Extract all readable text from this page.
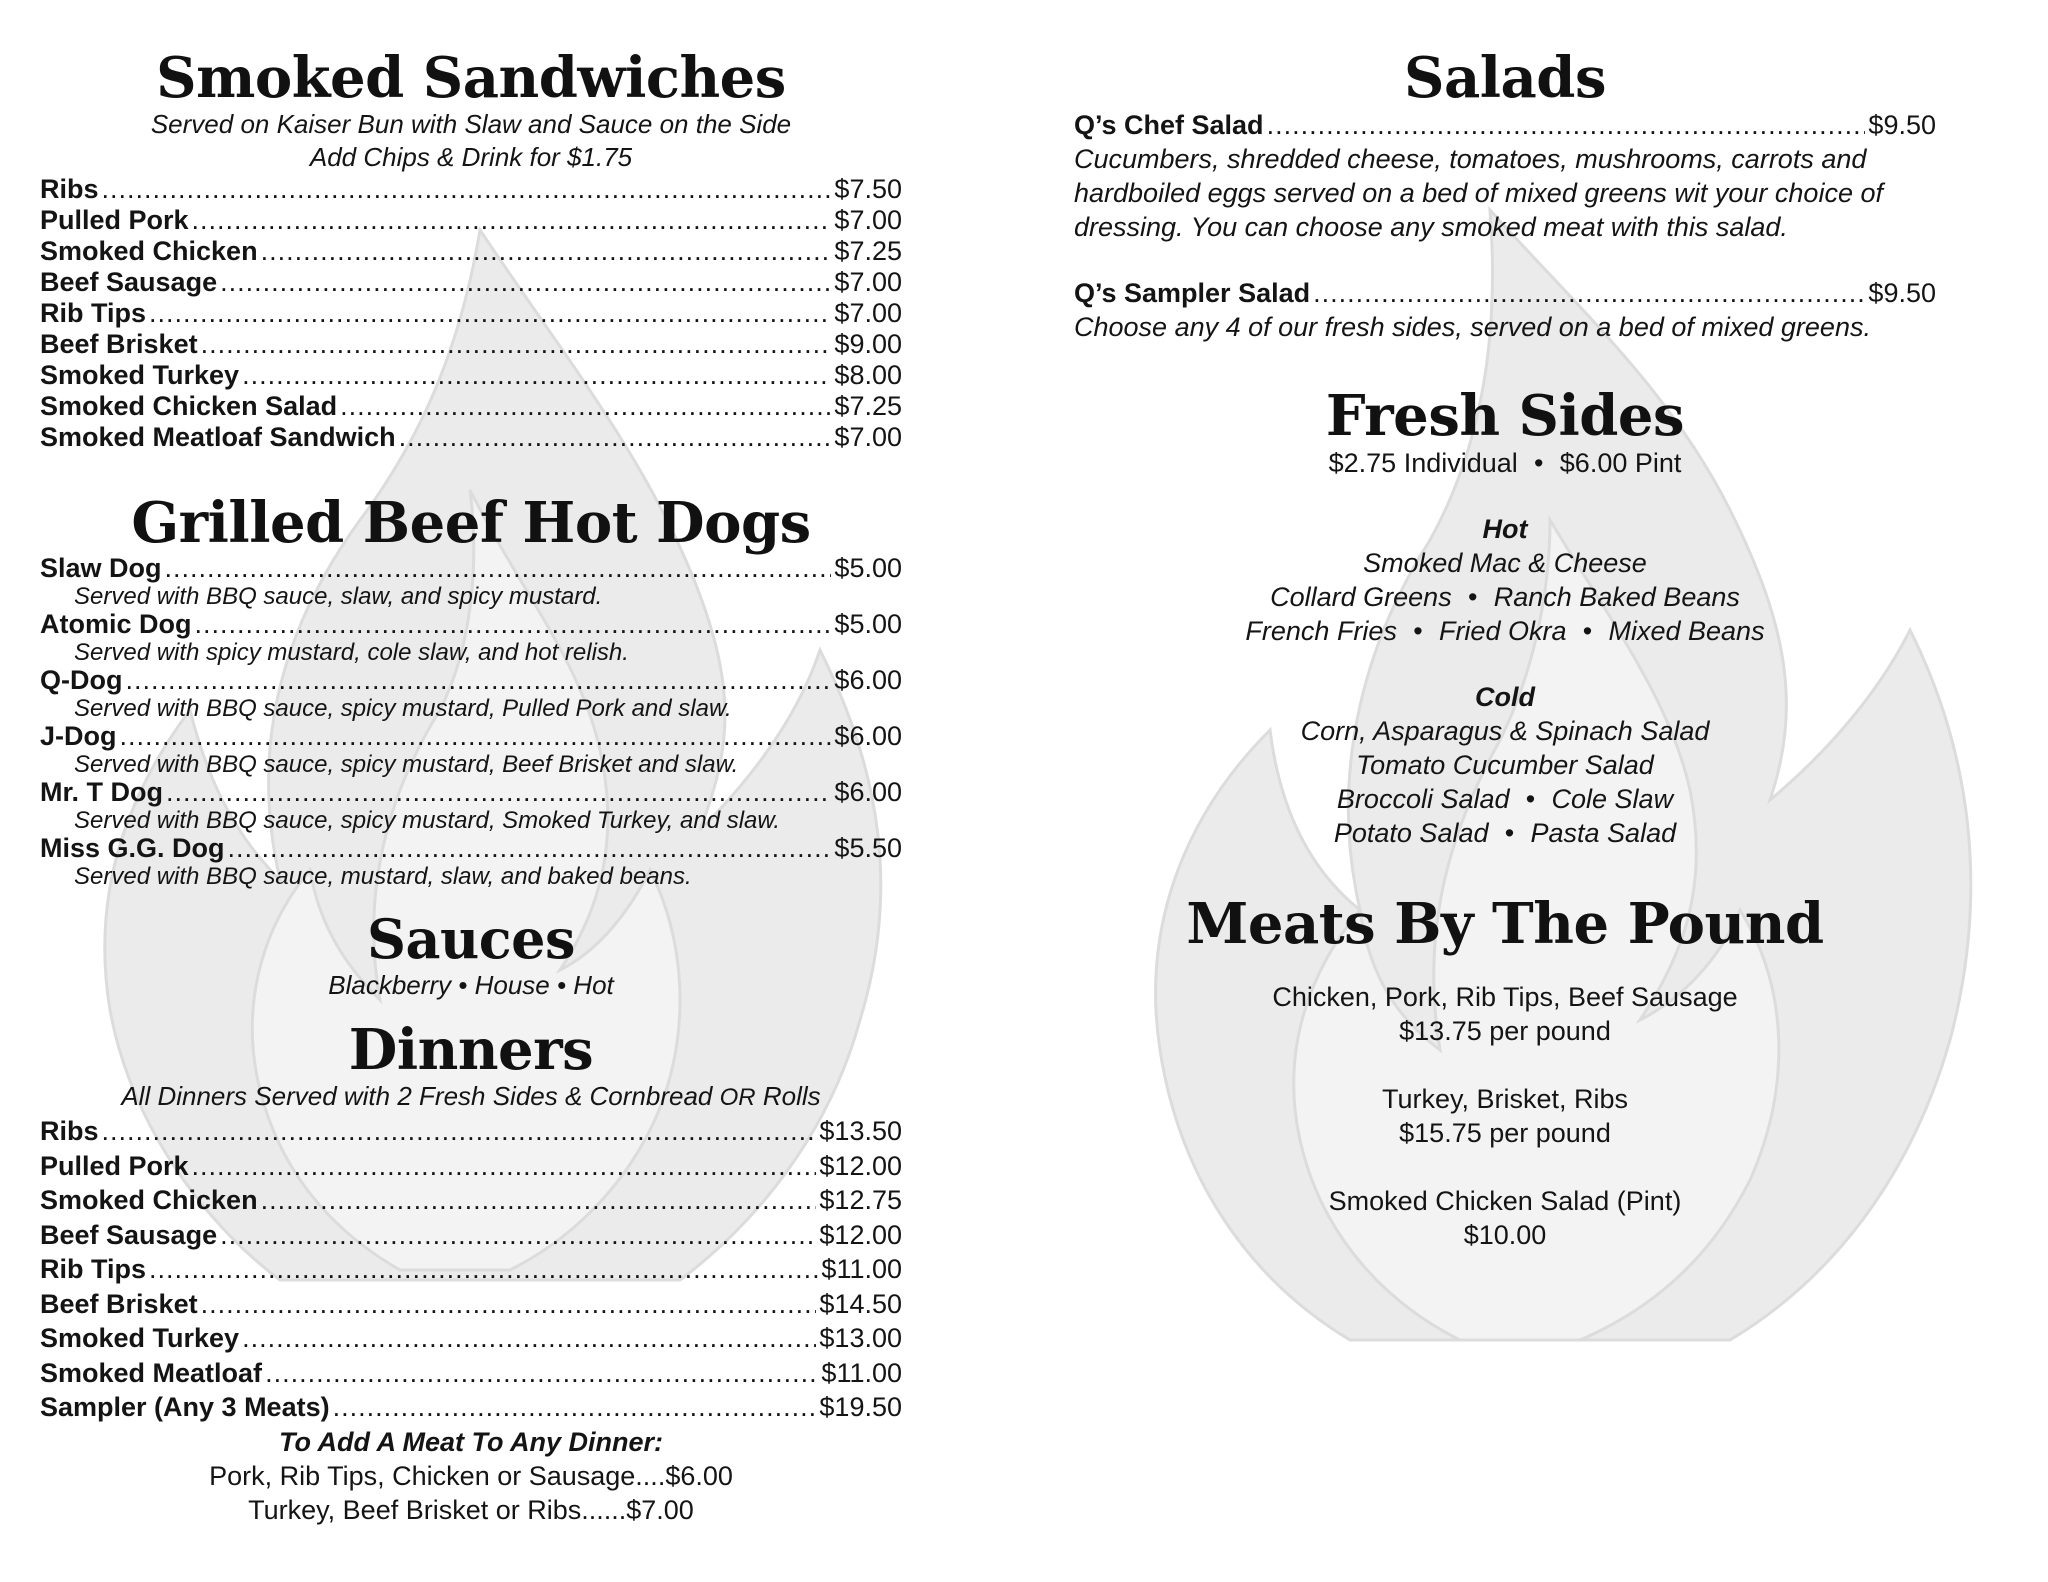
Smoked Sandwiches
Served on Kaiser Bun with Slaw and Sauce on the Side
Add Chips & Drink for $1.75
Ribs .....	$7.50
Pulled Pork .....	$7.00
Smoked Chicken .....	$7.25
Beef Sausage .....	$7.00
Rib Tips .....	$7.00
Beef Brisket .....	$9.00
Smoked Turkey .....	$8.00
Smoked Chicken Salad .....	$7.25
Smoked Meatloaf Sandwich .....	$7.00
Grilled Beef Hot Dogs
Slaw Dog .....	$5.00
Served with BBQ sauce, slaw, and spicy mustard.
Atomic Dog .....	$5.00
Served with spicy mustard, cole slaw, and hot relish.
Q-Dog .....	$6.00
Served with BBQ sauce, spicy mustard, Pulled Pork and slaw.
J-Dog .....	$6.00
Served with BBQ sauce, spicy mustard, Beef Brisket and slaw.
Mr. T Dog .....	$6.00
Served with BBQ sauce, spicy mustard, Smoked Turkey, and slaw.
Miss G.G. Dog .....	$5.50
Served with BBQ sauce, mustard, slaw, and baked beans.
Sauces
Blackberry • House • Hot
Dinners
All Dinners Served with 2 Fresh Sides & Cornbread OR Rolls
Ribs .....	$13.50
Pulled Pork .....	$12.00
Smoked Chicken .....	$12.75
Beef Sausage .....	$12.00
Rib Tips .....	$11.00
Beef Brisket .....	$14.50
Smoked Turkey .....	$13.00
Smoked Meatloaf .....	$11.00
Sampler (Any 3 Meats) .....	$19.50
To Add A Meat To Any Dinner:
Pork, Rib Tips, Chicken or Sausage....$6.00
Turkey, Beef Brisket or Ribs......$7.00
Salads
Q’s Chef Salad .....	$9.50
Cucumbers, shredded cheese, tomatoes, mushrooms, carrots and hardboiled eggs served on a bed of mixed greens wit your choice of dressing. You can choose any smoked meat with this salad.
Q’s Sampler Salad .....	$9.50
Choose any 4 of our fresh sides, served on a bed of mixed greens.
Fresh Sides
$2.75 Individual • $6.00 Pint
Hot
Smoked Mac & Cheese
Collard Greens • Ranch Baked Beans
French Fries • Fried Okra • Mixed Beans
Cold
Corn, Asparagus & Spinach Salad
Tomato Cucumber Salad
Broccoli Salad • Cole Slaw
Potato Salad • Pasta Salad
Meats By The Pound
Chicken, Pork, Rib Tips, Beef Sausage
$13.75 per pound
Turkey, Brisket, Ribs
$15.75 per pound
Smoked Chicken Salad (Pint)
$10.00
